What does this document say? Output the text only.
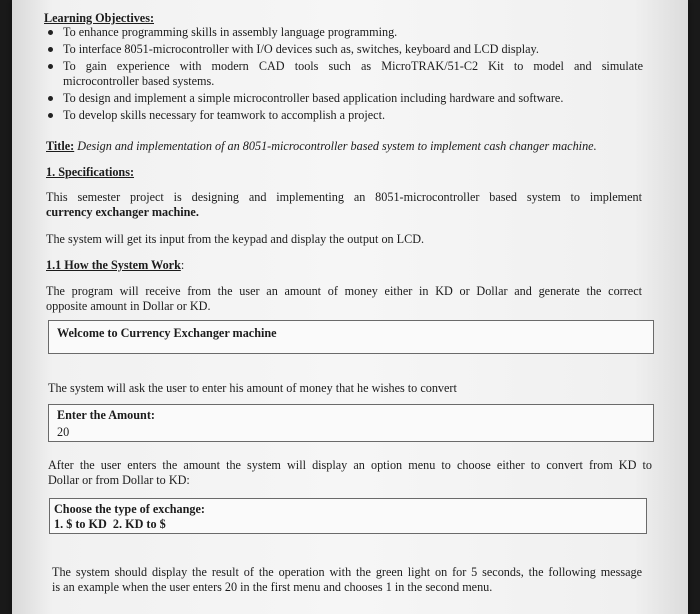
Learning Objectives:
To enhance programming skills in assembly language programming.
To interface 8051-microcontroller with I/O devices such as, switches, keyboard and LCD display.
To gain experience with modern CAD tools such as MicroTRAK/51-C2 Kit to model and simulate
microcontroller based systems.
To design and implement a simple microcontroller based application including hardware and software.
To develop skills necessary for teamwork to accomplish a project.
Title: Design and implementation of an 8051-microcontroller based system to implement cash changer machine.
1. Specifications:
This semester project is designing and implementing an 8051-microcontroller based system to implement
currency exchanger machine.
The system will get its input from the keypad and display the output on LCD.
1.1 How the System Work:
The program will receive from the user an amount of money either in KD or Dollar and generate the correct
opposite amount in Dollar or KD.
Welcome to Currency Exchanger machine
The system will ask the user to enter his amount of money that he wishes to convert
Enter the Amount:
20
After the user enters the amount the system will display an option menu to choose either to convert from KD to
Dollar or from Dollar to KD:
Choose the type of exchange:
1. $ to KD  2. KD to $
The system should display the result of the operation with the green light on for 5 seconds, the following message
is an example when the user enters 20 in the first menu and chooses 1 in the second menu.
